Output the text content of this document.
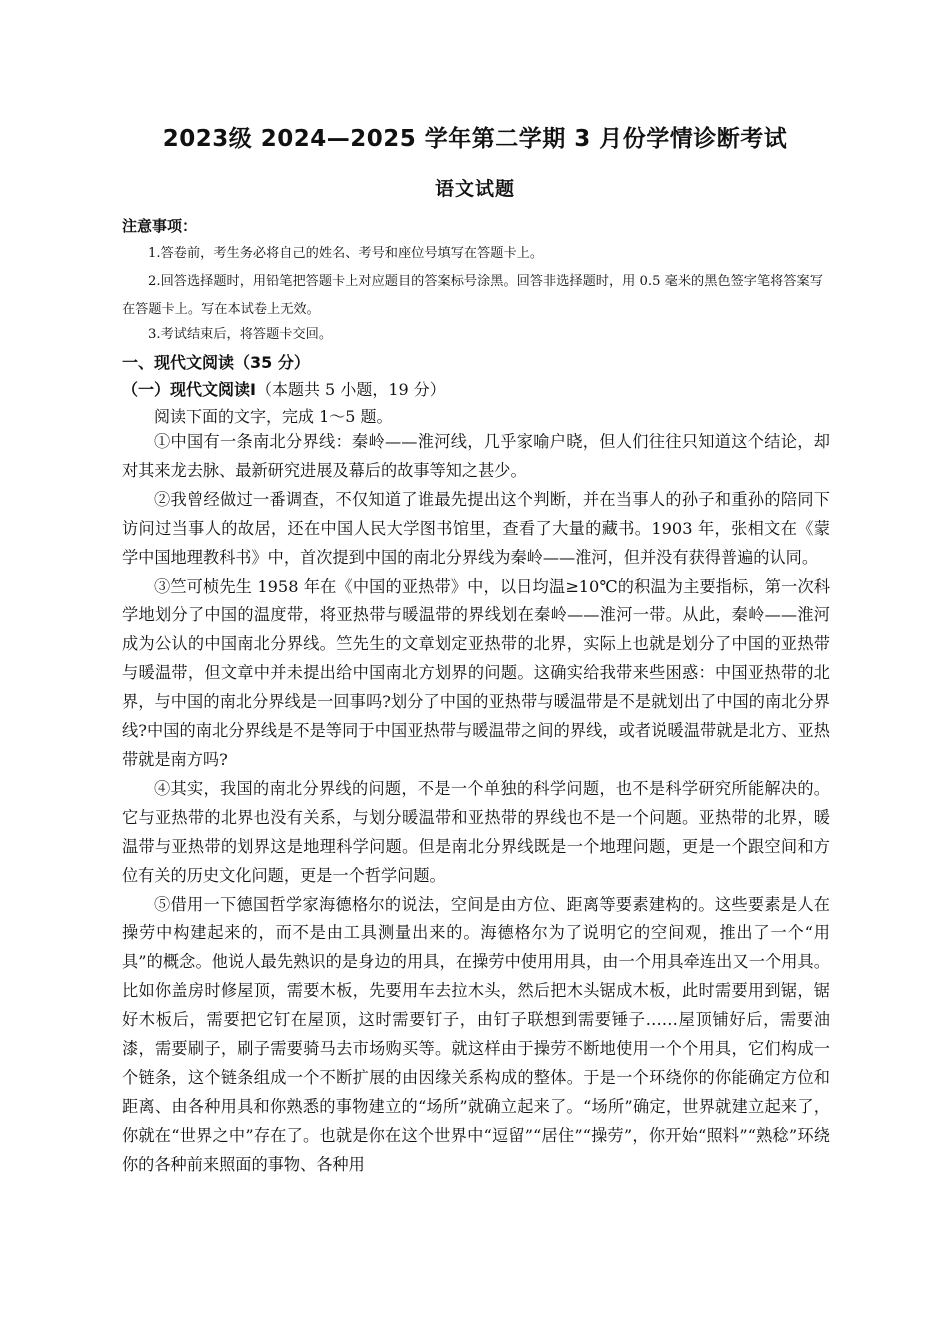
2023级 2024—2025 学年第二学期 3 月份学情诊断考试
语文试题
注意事项：
1.答卷前，考生务必将自己的姓名、考号和座位号填写在答题卡上。
2.回答选择题时，用铅笔把答题卡上对应题目的答案标号涂黑。回答非选择题时，用 0.5 毫米的黑色签字笔将答案写在答题卡上。写在本试卷上无效。
3.考试结束后，将答题卡交回。
一、现代文阅读（35 分）
（一）现代文阅读Ⅰ（本题共 5 小题，19 分）
阅读下面的文字，完成 1～5 题。

①中国有一条南北分界线：秦岭——淮河线，几乎家喻户晓，但人们往往只知道这个结论，却对其来龙去脉、最新研究进展及幕后的故事等知之甚少。

②我曾经做过一番调查，不仅知道了谁最先提出这个判断，并在当事人的孙子和重孙的陪同下访问过当事人的故居，还在中国人民大学图书馆里，查看了大量的藏书。1903 年，张相文在《蒙学中国地理教科书》中，首次提到中国的南北分界线为秦岭——淮河，但并没有获得普遍的认同。

③竺可桢先生 1958 年在《中国的亚热带》中，以日均温≥10℃的积温为主要指标，第一次科学地划分了中国的温度带，将亚热带与暖温带的界线划在秦岭——淮河一带。从此，秦岭——淮河成为公认的中国南北分界线。竺先生的文章划定亚热带的北界，实际上也就是划分了中国的亚热带与暖温带，但文章中并未提出给中国南北方划界的问题。这确实给我带来些困惑：中国亚热带的北界，与中国的南北分界线是一回事吗?划分了中国的亚热带与暖温带是不是就划出了中国的南北分界线?中国的南北分界线是不是等同于中国亚热带与暖温带之间的界线，或者说暖温带就是北方、亚热带就是南方吗?

④其实，我国的南北分界线的问题，不是一个单独的科学问题，也不是科学研究所能解决的。它与亚热带的北界也没有关系，与划分暖温带和亚热带的界线也不是一个问题。亚热带的北界，暖温带与亚热带的划界这是地理科学问题。但是南北分界线既是一个地理问题，更是一个跟空间和方位有关的历史文化问题，更是一个哲学问题。

⑤借用一下德国哲学家海德格尔的说法，空间是由方位、距离等要素建构的。这些要素是人在操劳中构建起来的，而不是由工具测量出来的。海德格尔为了说明它的空间观，推出了一个“用具”的概念。他说人最先熟识的是身边的用具，在操劳中使用用具，由一个用具牵连出又一个用具。比如你盖房时修屋顶，需要木板，先要用车去拉木头，然后把木头锯成木板，此时需要用到锯，锯好木板后，需要把它钉在屋顶，这时需要钉子，由钉子联想到需要锤子……屋顶铺好后，需要油漆，需要刷子，刷子需要骑马去市场购买等。就这样由于操劳不断地使用一个个用具，它们构成一个链条，这个链条组成一个不断扩展的由因缘关系构成的整体。于是一个环绕你的你能确定方位和距离、由各种用具和你熟悉的事物建立的“场所”就确立起来了。“场所”确定，世界就建立起来了，你就在“世界之中”存在了。也就是你在这个世界中“逗留”“居住”“操劳”，你开始“照料”“熟稔”环绕你的各种前来照面的事物、各种用
